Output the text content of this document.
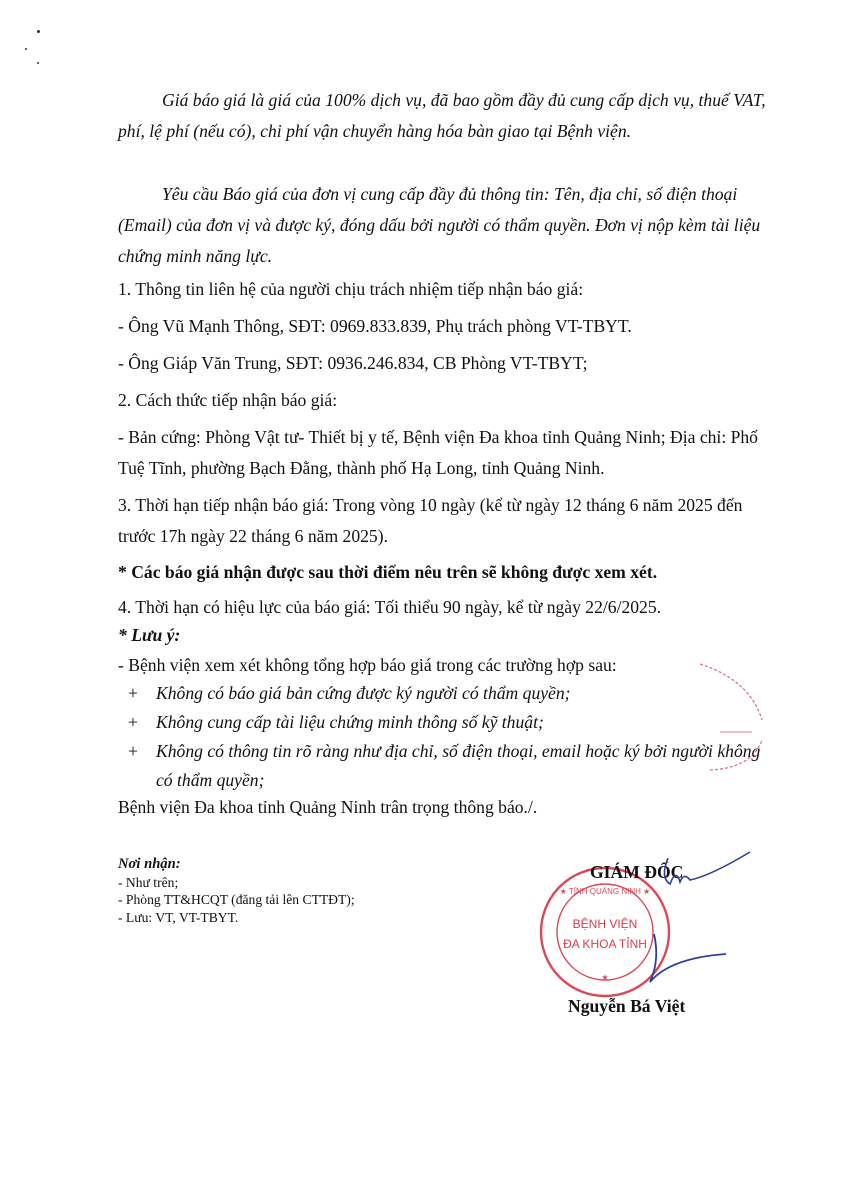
Giá báo giá là giá của 100% dịch vụ, đã bao gồm đầy đủ cung cấp dịch vụ, thuế VAT, phí, lệ phí (nếu có), chi phí vận chuyển hàng hóa bàn giao tại Bệnh viện.

Yêu cầu Báo giá của đơn vị cung cấp đầy đủ thông tin: Tên, địa chỉ, số điện thoại (Email) của đơn vị và được ký, đóng dấu bởi người có thẩm quyền. Đơn vị nộp kèm tài liệu chứng minh năng lực.

1. Thông tin liên hệ của người chịu trách nhiệm tiếp nhận báo giá:

- Ông Vũ Mạnh Thông, SĐT: 0969.833.839, Phụ trách phòng VT-TBYT.

- Ông Giáp Văn Trung, SĐT: 0936.246.834, CB Phòng VT-TBYT;

2. Cách thức tiếp nhận báo giá:

- Bản cứng: Phòng Vật tư- Thiết bị y tế, Bệnh viện Đa khoa tỉnh Quảng Ninh; Địa chỉ: Phố Tuệ Tĩnh, phường Bạch Đằng, thành phố Hạ Long, tỉnh Quảng Ninh.

3. Thời hạn tiếp nhận báo giá: Trong vòng 10 ngày (kể từ ngày 12 tháng 6 năm 2025 đến trước 17h ngày 22 tháng 6 năm 2025).

* Các báo giá nhận được sau thời điểm nêu trên sẽ không được xem xét.

4. Thời hạn có hiệu lực của báo giá: Tối thiểu 90 ngày, kể từ ngày 22/6/2025.

* Lưu ý:

- Bệnh viện xem xét không tổng hợp báo giá trong các trường hợp sau:

+	Không có báo giá bản cứng được ký người có thẩm quyền;
+	Không cung cấp tài liệu chứng minh thông số kỹ thuật;
+	Không có thông tin rõ ràng như địa chỉ, số điện thoại, email hoặc ký bởi người không có thẩm quyền;

Bệnh viện Đa khoa tỉnh Quảng Ninh trân trọng thông báo./.

Nơi nhận:
- Như trên;
- Phòng TT&HCQT (đăng tải lên CTTĐT);
- Lưu: VT, VT-TBYT.
★ TỈNH QUẢNG NINH ★
BỆNH VIỆN
ĐA KHOA TỈNH
★
GIÁM ĐỐC
Nguyễn Bá Việt
